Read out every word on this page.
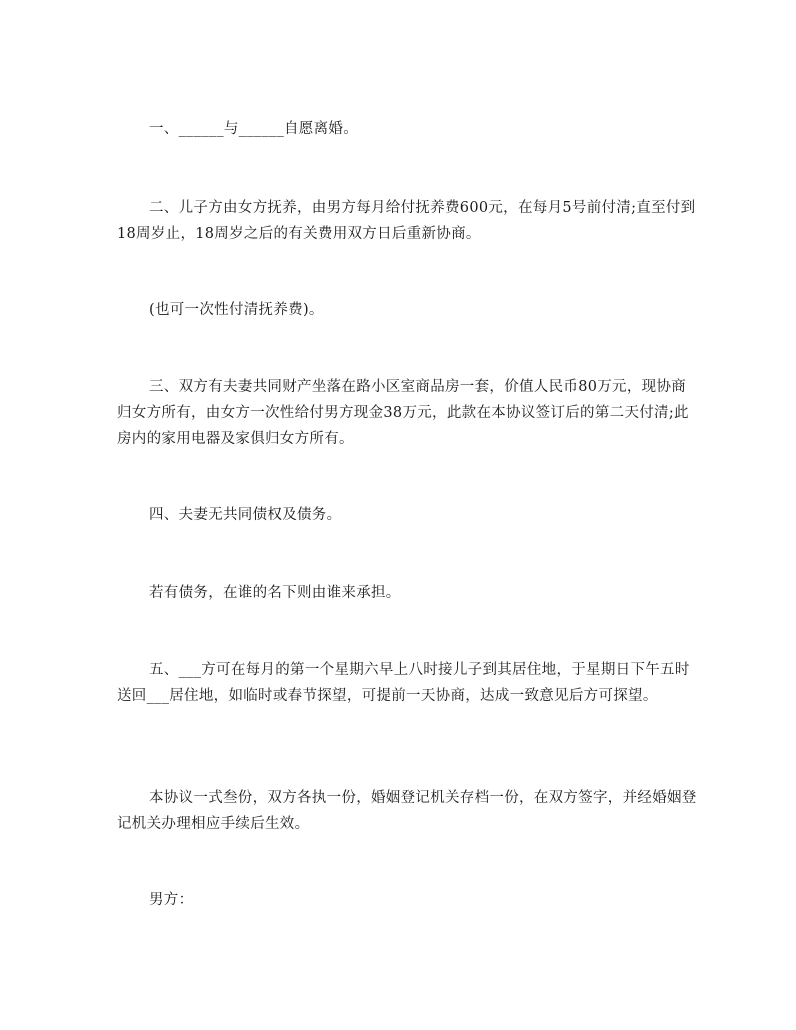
一、______与______自愿离婚。

二、儿子方由女方抚养，由男方每月给付抚养费600元，在每月5号前付清;直至付到18周岁止，18周岁之后的有关费用双方日后重新协商。

(也可一次性付清抚养费)。

三、双方有夫妻共同财产坐落在路小区室商品房一套，价值人民币80万元，现协商归女方所有，由女方一次性给付男方现金38万元，此款在本协议签订后的第二天付清;此房内的家用电器及家俱归女方所有。

四、夫妻无共同债权及债务。

若有债务，在谁的名下则由谁来承担。

五、___方可在每月的第一个星期六早上八时接儿子到其居住地，于星期日下午五时送回___居住地，如临时或春节探望，可提前一天协商，达成一致意见后方可探望。

本协议一式叁份，双方各执一份，婚姻登记机关存档一份，在双方签字，并经婚姻登记机关办理相应手续后生效。

男方：
